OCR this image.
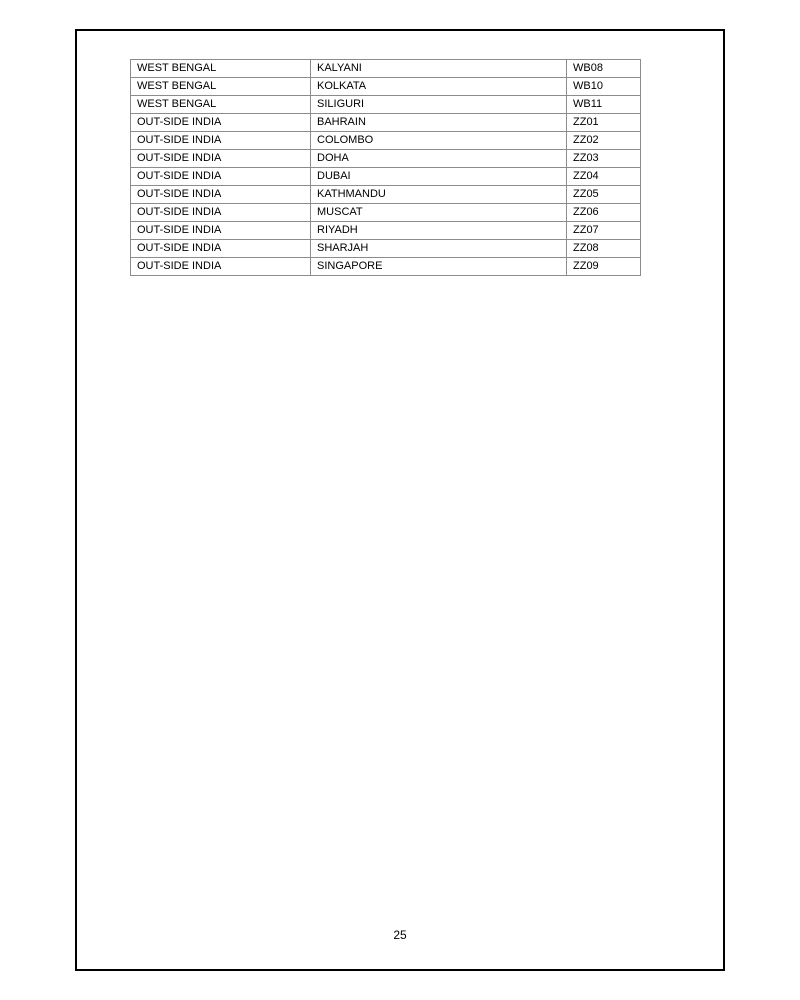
WEST BENGAL	KALYANI	WB08
WEST BENGAL	KOLKATA	WB10
WEST BENGAL	SILIGURI	WB11
OUT-SIDE INDIA	BAHRAIN	ZZ01
OUT-SIDE INDIA	COLOMBO	ZZ02
OUT-SIDE INDIA	DOHA	ZZ03
OUT-SIDE INDIA	DUBAI	ZZ04
OUT-SIDE INDIA	KATHMANDU	ZZ05
OUT-SIDE INDIA	MUSCAT	ZZ06
OUT-SIDE INDIA	RIYADH	ZZ07
OUT-SIDE INDIA	SHARJAH	ZZ08
OUT-SIDE INDIA	SINGAPORE	ZZ09
25
